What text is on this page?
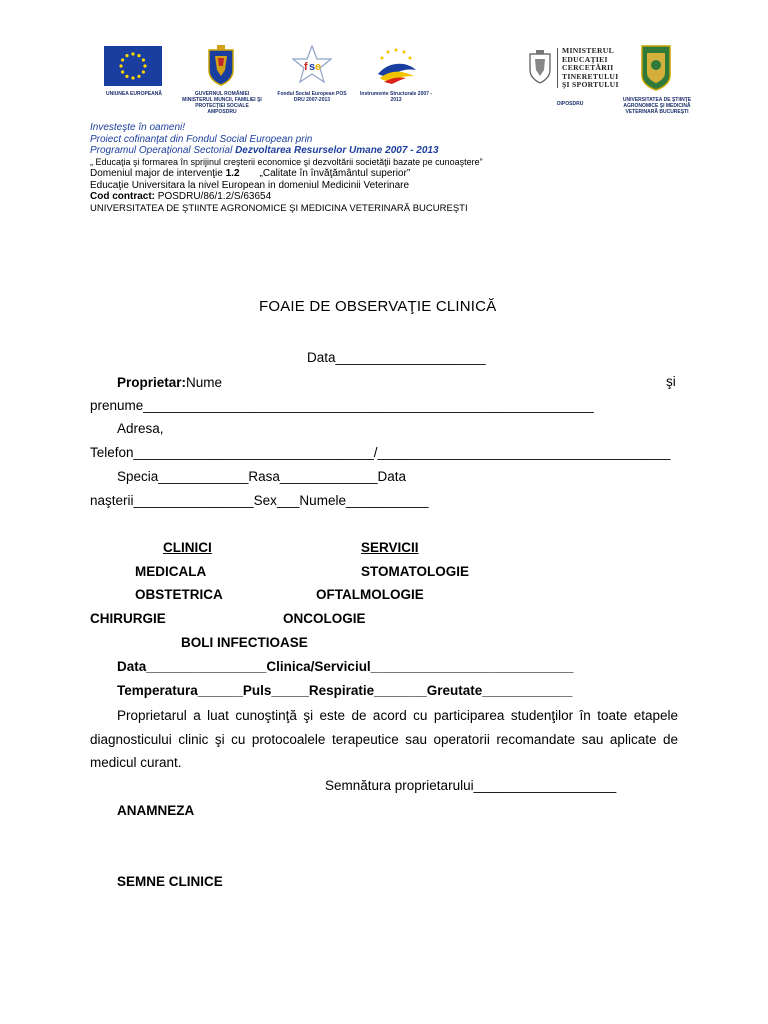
UNIUNEA EUROPEANĂ	GUVERNUL ROMÂNIEI MINISTERUL MUNCII, FAMILIEI ŞI PROTECŢIEI SOCIALE AMPOSDRU
f s e
Fondul Social European POS DRU 2007-2013
Instrumente Structurale 2007 - 2013
MINISTERUL
EDUCAŢIEI
CERCETĂRII
TINERETULUI
ŞI SPORTULUI
OIPOSDRU
UNIVERSITATEA DE ŞTIINŢE AGRONOMICE ŞI MEDICINĂ VETERINARĂ BUCUREŞTI
Investeşte în oameni!
Proiect cofinanţat din Fondul Social European prin
Programul Operaţional Sectorial Dezvoltarea Resurselor Umane 2007 - 2013
„ Educaţia şi formarea în sprijinul creşterii economice şi dezvoltării societăţii bazate pe cunoaştere”
Domeniul major de intervenţie 1.2 „Calitate în învăţământul superior”
Educaţie Universitara la nivel European in domeniul Medicinii Veterinare
Cod contract: POSDRU/86/1.2/S/63654
UNIVERSITATEA DE ŞTIINTE AGRONOMICE ŞI MEDICINA VETERINARĂ BUCUREŞTI
FOAIE DE OBSERVAŢIE CLINICĂ
Data____________________
Proprietar:Nume	şi
prenume____________________________________________________________
Adresa,
Telefon________________________________/_______________________________________
Specia____________Rasa_____________Data
naşterii________________Sex___Numele___________
CLINICI	SERVICII
MEDICALA	STOMATOLOGIE
OBSTETRICA	OFTALMOLOGIE
CHIRURGIE	ONCOLOGIE
BOLI INFECTIOASE
Data________________Clinica/Serviciul___________________________
Temperatura______Puls_____Respiratie_______Greutate____________
Proprietarul a luat cunoştinţă şi este de acord cu participarea studenţilor în toate etapele diagnosticului clinic şi cu protocoalele terapeutice sau operatorii recomandate sau aplicate de medicul curant.
Semnătura proprietarului___________________
ANAMNEZA
SEMNE CLINICE
